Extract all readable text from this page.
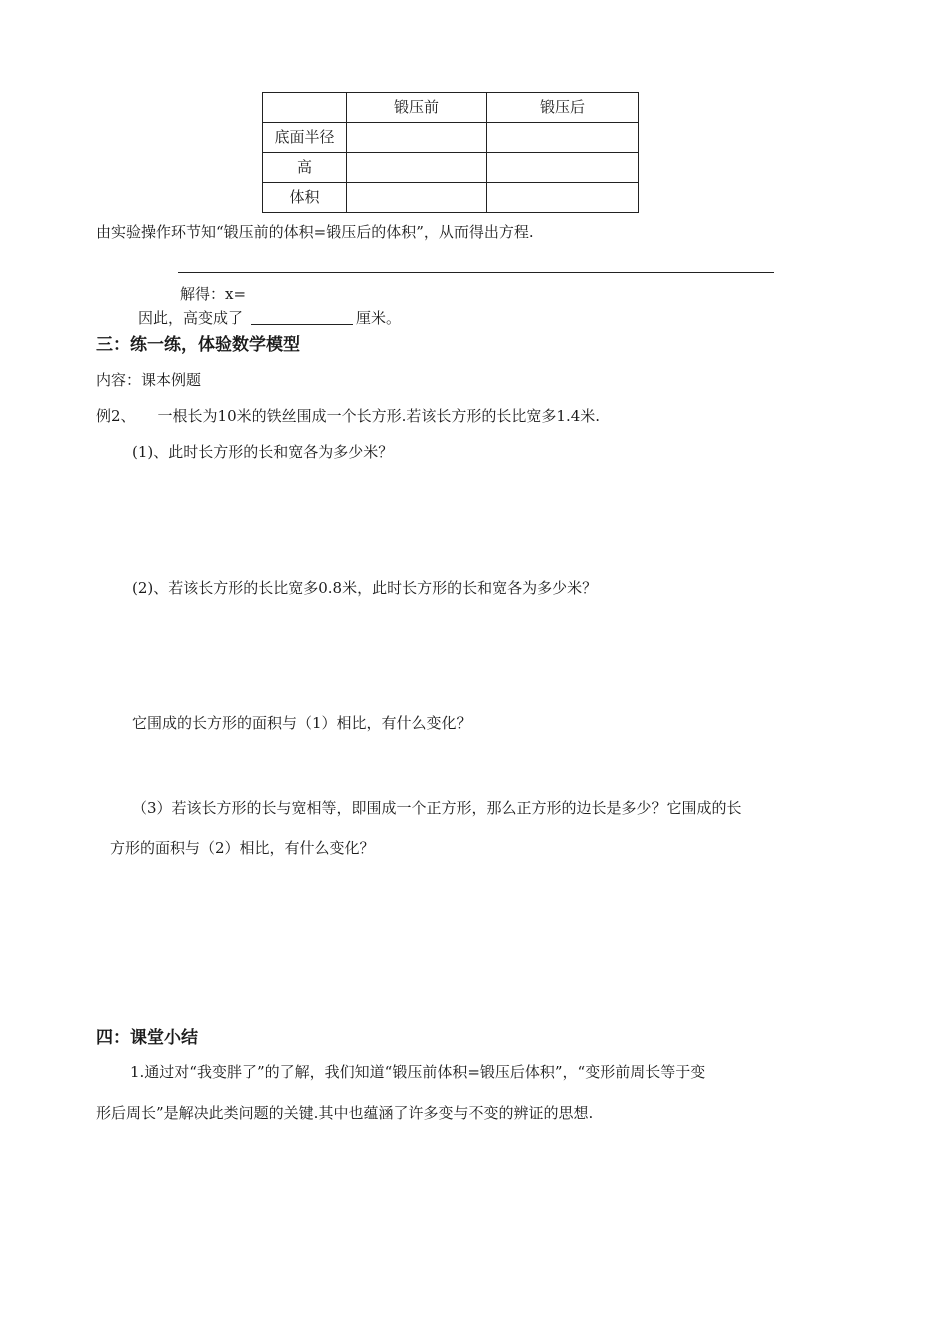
	锻压前	锻压后
底面半径		
高		
体积		
由实验操作环节知“锻压前的体积=锻压后的体积”，从而得出方程.
解得：x=
因此，高变成了	厘米。
三：练一练，体验数学模型
内容：课本例题
例2、 一根长为10米的铁丝围成一个长方形.若该长方形的长比宽多1.4米.
(1)、此时长方形的长和宽各为多少米？
(2)、若该长方形的长比宽多0.8米，此时长方形的长和宽各为多少米？
它围成的长方形的面积与（1）相比，有什么变化？
（3）若该长方形的长与宽相等，即围成一个正方形，那么正方形的边长是多少？它围成的长
方形的面积与（2）相比，有什么变化？
四：课堂小结
1.通过对“我变胖了”的了解，我们知道“锻压前体积=锻压后体积”，“变形前周长等于变
形后周长”是解决此类问题的关键.其中也蕴涵了许多变与不变的辨证的思想.
